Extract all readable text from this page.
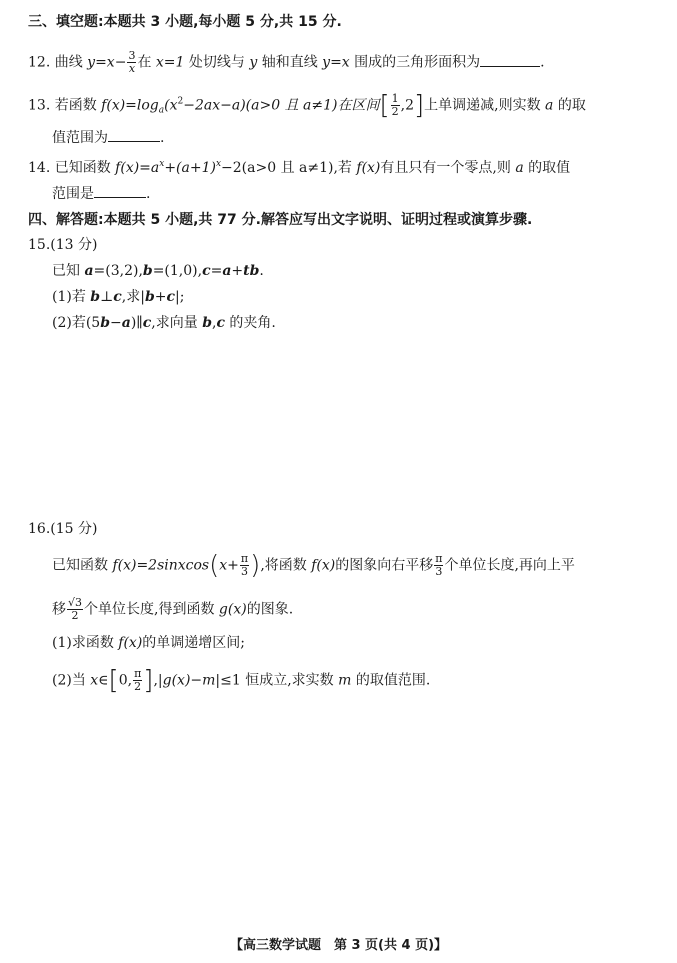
三、填空题:本题共 3 小题,每小题 5 分,共 15 分.
12. 曲线 $y=x- \frac{3}{x}$ 在 x=1 处切线与 y 轴和直线 y=x 围成的三角形面积为	.
13. 若函数 $f(x)=\log_a(x^2-2ax-a)(a>0$ 且 a≠1)在区间[ $\frac{1}{2} ,2$]上单调递减,则实数 a 的取
值范围为	.
14. 已知函数 $f(x)=a^x+(a+1)^x-2(a>0$ 且 a≠1),若 f(x)有且只有一个零点,则 a 的取值
范围是	.
四、解答题:本题共 5 小题,共 77 分.解答应写出文字说明、证明过程或演算步骤.
15.(13 分)
已知 a=(3,2),b=(1,0),c=a+tb.
(1)若 b⊥c,求|b+c|;
(2)若(5b−a)∥c,求向量 b,c 的夹角.
16.(15 分)
已知函数 f(x)=2sinxcos(x+ $\frac{\pi}{3}$ ),将函数 f(x)的图象向右平移 $\frac{\pi}{3}$ 个单位长度,再向上平
移 $\frac{√3}{2}$ 个单位长度,得到函数 g(x)的图象.
(1)求函数 f(x)的单调递增区间;
(2)当 x∈[0, $\frac{\pi}{2} ],|g(x)-m|\le 1$ 恒成立,求实数 m 的取值范围.
【高三数学试题　第 3 页(共 4 页)】
